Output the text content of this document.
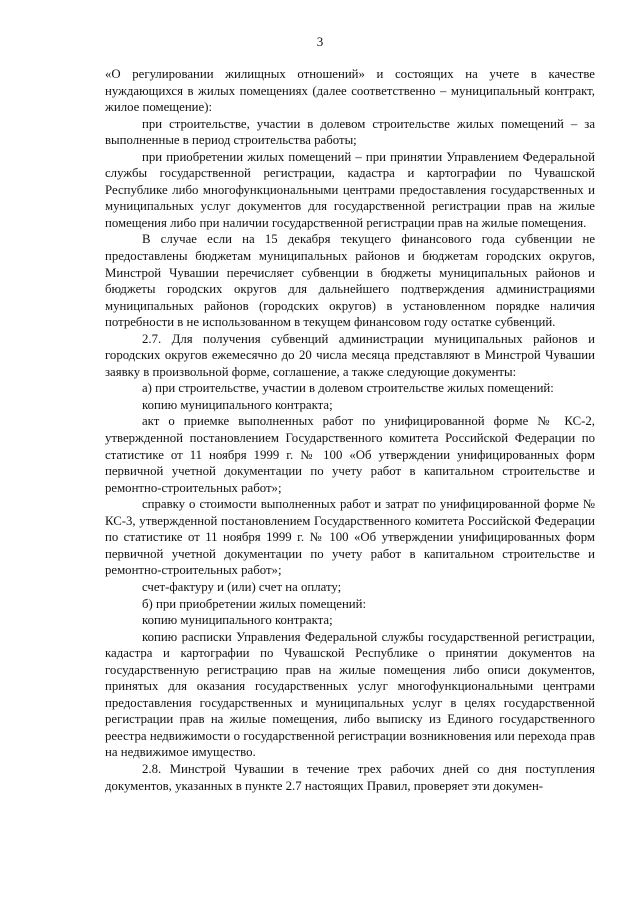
3

«О регулировании жилищных отношений» и состоящих на учете в качестве нуждающихся в жилых помещениях (далее соответственно – муниципальный контракт, жилое помещение):

при строительстве, участии в долевом строительстве жилых помещений – за выполненные в период строительства работы;

при приобретении жилых помещений – при принятии Управлением Федеральной службы государственной регистрации, кадастра и картографии по Чувашской Республике либо многофункциональными центрами предоставления государственных и муниципальных услуг документов для государственной регистрации прав на жилые помещения либо при наличии государственной регистрации прав на жилые помещения.

В случае если на 15 декабря текущего финансового года субвенции не предоставлены бюджетам муниципальных районов и бюджетам городских округов, Минстрой Чувашии перечисляет субвенции в бюджеты муниципальных районов и бюджеты городских округов для дальнейшего подтверждения администрациями муниципальных районов (городских округов) в установленном порядке наличия потребности в не использованном в текущем финансовом году остатке субвенций.

2.7. Для получения субвенций администрации муниципальных районов и городских округов ежемесячно до 20 числа месяца представляют в Минстрой Чувашии заявку в произвольной форме, соглашение, а также следующие документы:

а) при строительстве, участии в долевом строительстве жилых помещений:

копию муниципального контракта;

акт о приемке выполненных работ по унифицированной форме № КС-2, утвержденной постановлением Государственного комитета Российской Федерации по статистике от 11 ноября 1999 г. № 100 «Об утверждении унифицированных форм первичной учетной документации по учету работ в капитальном строительстве и ремонтно-строительных работ»;

справку о стоимости выполненных работ и затрат по унифицированной форме № КС-3, утвержденной постановлением Государственного комитета Российской Федерации по статистике от 11 ноября 1999 г. № 100 «Об утверждении унифицированных форм первичной учетной документации по учету работ в капитальном строительстве и ремонтно-строительных работ»;

счет-фактуру и (или) счет на оплату;

б) при приобретении жилых помещений:

копию муниципального контракта;

копию расписки Управления Федеральной службы государственной регистрации, кадастра и картографии по Чувашской Республике о принятии документов на государственную регистрацию прав на жилые помещения либо описи документов, принятых для оказания государственных услуг многофункциональными центрами предоставления государственных и муниципальных услуг в целях государственной регистрации прав на жилые помещения, либо выписку из Единого государственного реестра недвижимости о государственной регистрации возникновения или перехода прав на недвижимое имущество.

2.8. Минстрой Чувашии в течение трех рабочих дней со дня поступления документов, указанных в пункте 2.7 настоящих Правил, проверяет эти докумен-
